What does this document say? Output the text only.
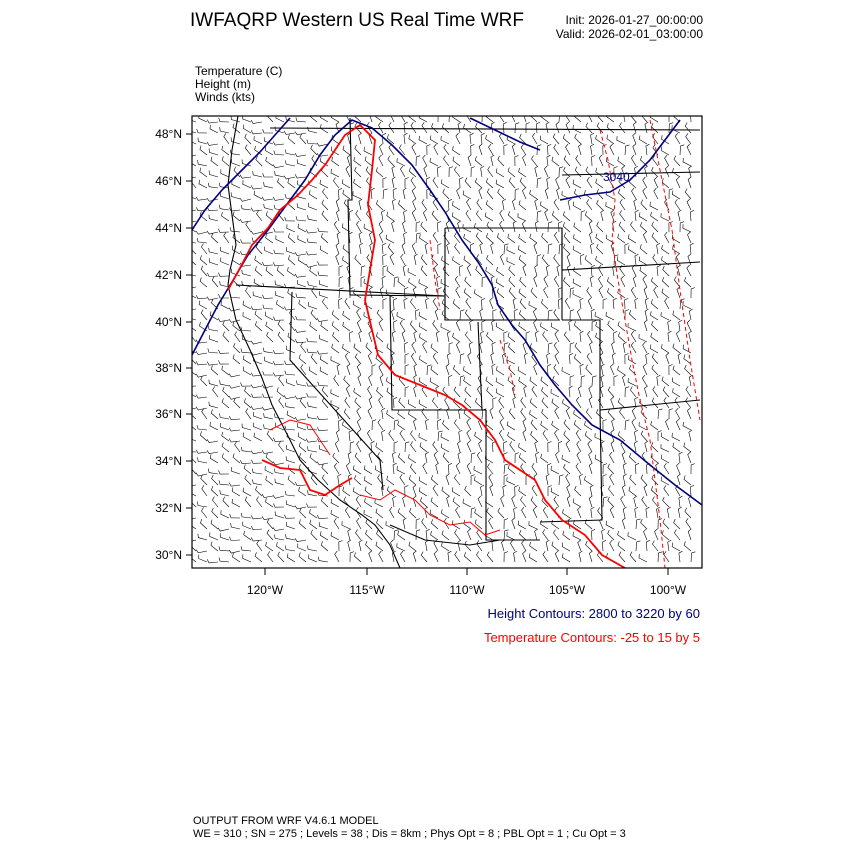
IWFAQRP Western US Real Time WRF	Init: 2026-01-27_00:00:00
Valid: 2026-02-01_03:00:00
Temperature (C)
Height (m)
Winds (kts)
3040
48°N
46°N
44°N
42°N
40°N
38°N
36°N
34°N
32°N
30°N
120°W	115°W	110°W	105°W	100°W
Height Contours: 2800 to 3220 by 60
Temperature Contours: -25 to 15 by 5
OUTPUT FROM WRF V4.6.1 MODEL
WE = 310 ; SN = 275 ; Levels = 38 ; Dis = 8km ; Phys Opt = 8 ; PBL Opt = 1 ; Cu Opt = 3
